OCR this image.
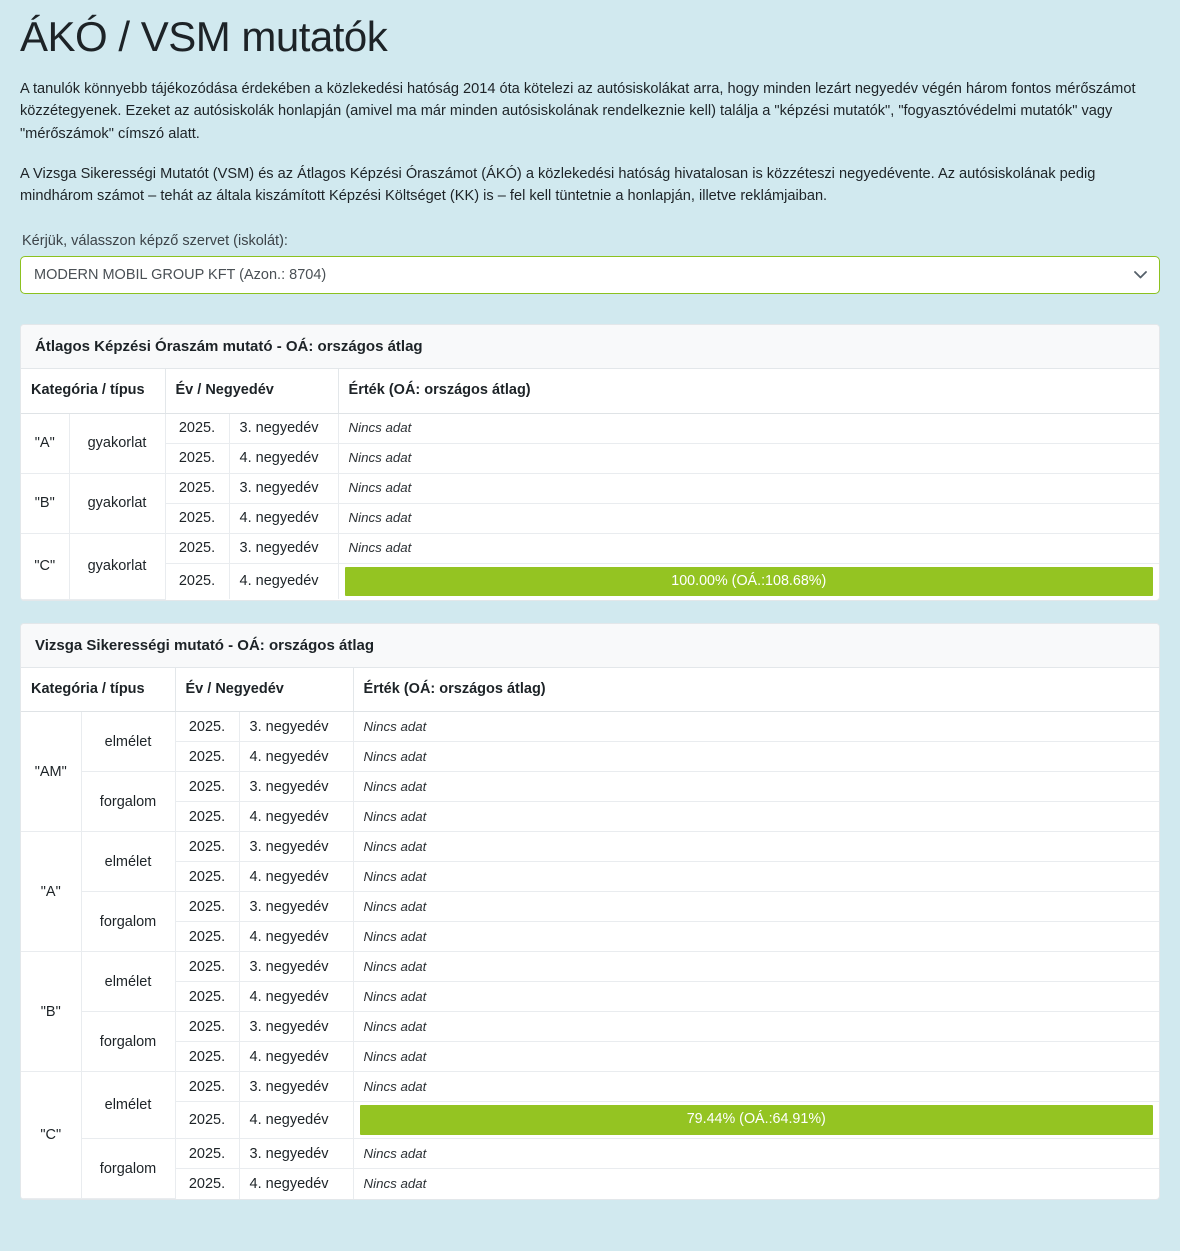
ÁKÓ / VSM mutatók

A tanulók könnyebb tájékozódása érdekében a közlekedési hatóság 2014 óta kötelezi az autósiskolákat arra, hogy minden lezárt negyedév végén három fontos mérőszámot közzétegyenek. Ezeket az autósiskolák honlapján (amivel ma már minden autósiskolának rendelkeznie kell) találja a "képzési mutatók", "fogyasztóvédelmi mutatók" vagy "mérőszámok" címszó alatt.

A Vizsga Sikerességi Mutatót (VSM) és az Átlagos Képzési Óraszámot (ÁKÓ) a közlekedési hatóság hivatalosan is közzéteszi negyedévente. Az autósiskolának pedig mindhárom számot – tehát az általa kiszámított Képzési Költséget (KK) is – fel kell tüntetnie a honlapján, illetve reklámjaiban.

Kérjük, válasszon képző szervet (iskolát):
MODERN MOBIL GROUP KFT (Azon.: 8704)
Átlagos Képzési Óraszám mutató - OÁ: országos átlag
Kategória / típus		Év / Negyedév		Érték (OÁ: országos átlag)
"A"	gyakorlat	2025.	3. negyedév	Nincs adat
		2025.	4. negyedév	Nincs adat
"B"	gyakorlat	2025.	3. negyedév	Nincs adat
		2025.	4. negyedév	Nincs adat
"C"	gyakorlat	2025.	3. negyedév	Nincs adat
		2025.	4. negyedév	100.00% (OÁ.:108.68%)
Vizsga Sikerességi mutató - OÁ: országos átlag
Kategória / típus		Év / Negyedév		Érték (OÁ: országos átlag)
"AM"	elmélet	2025.	3. negyedév	Nincs adat
		2025.	4. negyedév	Nincs adat
	forgalom	2025.	3. negyedév	Nincs adat
		2025.	4. negyedév	Nincs adat
"A"	elmélet	2025.	3. negyedév	Nincs adat
		2025.	4. negyedév	Nincs adat
	forgalom	2025.	3. negyedév	Nincs adat
		2025.	4. negyedév	Nincs adat
"B"	elmélet	2025.	3. negyedév	Nincs adat
		2025.	4. negyedév	Nincs adat
	forgalom	2025.	3. negyedév	Nincs adat
		2025.	4. negyedév	Nincs adat
"C"	elmélet	2025.	3. negyedév	Nincs adat
		2025.	4. negyedév	79.44% (OÁ.:64.91%)

	forgalom	2025.	3. negyedév	Nincs adat
		2025.	4. negyedév	Nincs adat
